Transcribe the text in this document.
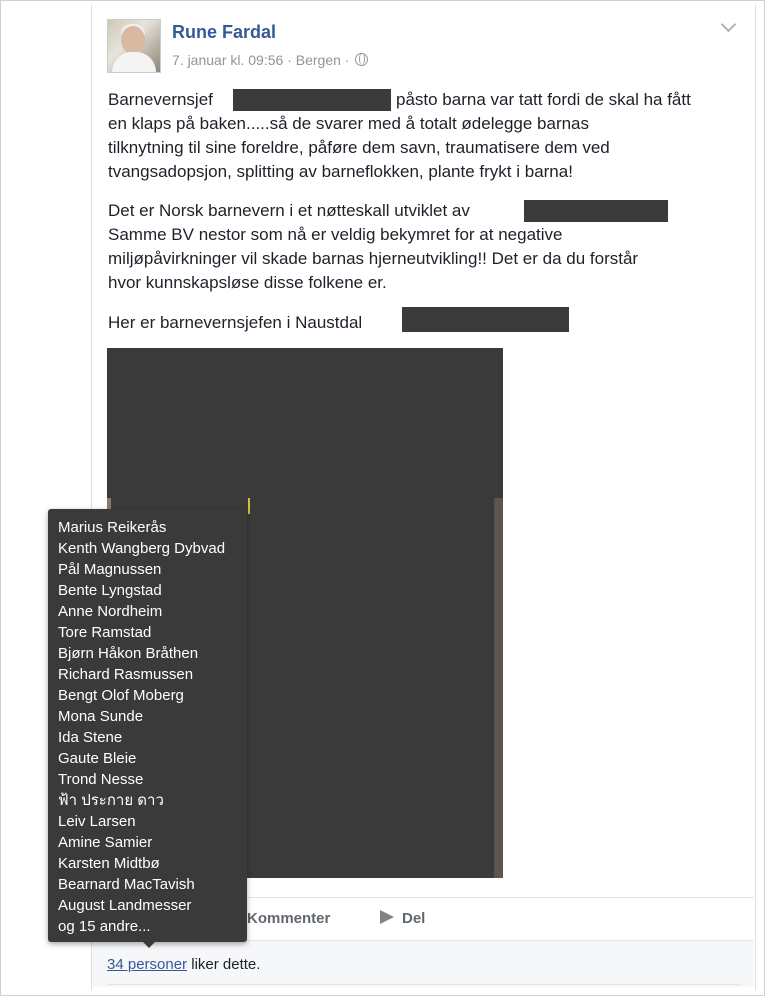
Rune Fardal
7. januar kl. 09:56 · Bergen ·
Barnevernsjef	påsto barna var tatt fordi de skal ha fått
en klaps på baken.....så de svarer med å totalt ødelegge barnas
tilknytning til sine foreldre, påføre dem savn, traumatisere dem ved
tvangsadopsjon, splitting av barneflokken, plante frykt i barna!
Det er Norsk barnevern i et nøtteskall utviklet av
Samme BV nestor som nå er veldig bekymret for at negative
miljøpåvirkninger vil skade barnas hjerneutvikling!! Det er da du forstår
hvor kunnskapsløse disse folkene er.
Her er barnevernsjefen i Naustdal
Kommenter	Del
34 personer liker dette.
Marius Reikerås
Kenth Wangberg Dybvad
Pål Magnussen
Bente Lyngstad
Anne Nordheim
Tore Ramstad
Bjørn Håkon Bråthen
Richard Rasmussen
Bengt Olof Moberg
Mona Sunde
Ida Stene
Gaute Bleie
Trond Nesse
ฟ้า ประกาย ดาว
Leiv Larsen
Amine Samier
Karsten Midtbø
Bearnard MacTavish
August Landmesser
og 15 andre...
